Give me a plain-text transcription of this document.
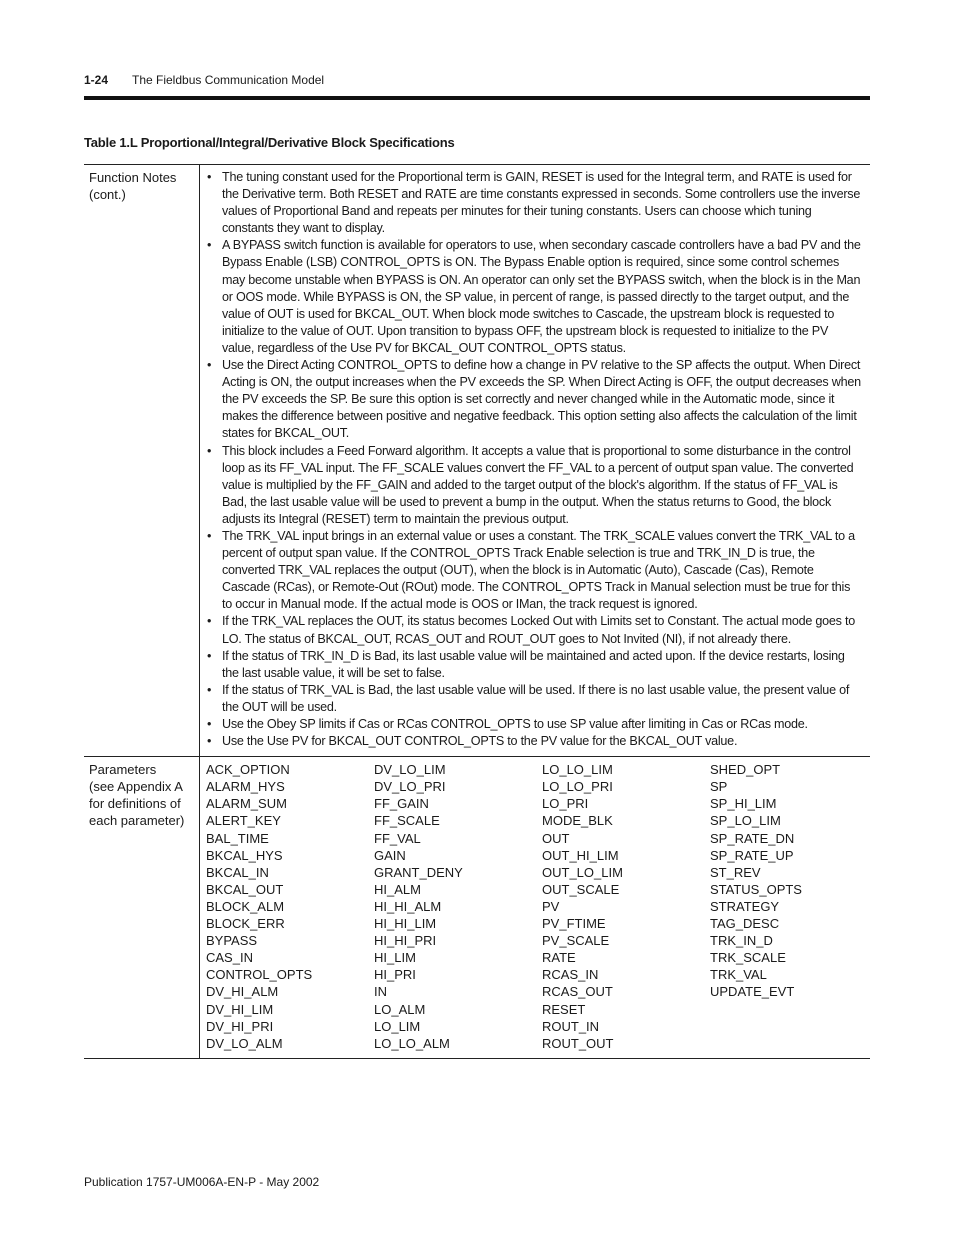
1-24 The Fieldbus Communication Model
Table 1.L Proportional/Integral/Derivative Block Specifications
Function Notes
(cont.)
• The tuning constant used for the Proportional term is GAIN, RESET is used for the Integral term, and RATE is used for the Derivative term. Both RESET and RATE are time constants expressed in seconds. Some controllers use the inverse values of Proportional Band and repeats per minutes for their tuning constants. Users can choose which tuning constants they want to display.
• A BYPASS switch function is available for operators to use, when secondary cascade controllers have a bad PV and the Bypass Enable (LSB) CONTROL_OPTS is ON. The Bypass Enable option is required, since some control schemes may become unstable when BYPASS is ON. An operator can only set the BYPASS switch, when the block is in the Man or OOS mode. While BYPASS is ON, the SP value, in percent of range, is passed directly to the target output, and the value of OUT is used for BKCAL_OUT. When block mode switches to Cascade, the upstream block is requested to initialize to the value of OUT. Upon transition to bypass OFF, the upstream block is requested to initialize to the PV value, regardless of the Use PV for BKCAL_OUT CONTROL_OPTS status.
• Use the Direct Acting CONTROL_OPTS to define how a change in PV relative to the SP affects the output. When Direct Acting is ON, the output increases when the PV exceeds the SP. When Direct Acting is OFF, the output decreases when the PV exceeds the SP. Be sure this option is set correctly and never changed while in the Automatic mode, since it makes the difference between positive and negative feedback. This option setting also affects the calculation of the limit states for BKCAL_OUT.
• This block includes a Feed Forward algorithm. It accepts a value that is proportional to some disturbance in the control loop as its FF_VAL input. The FF_SCALE values convert the FF_VAL to a percent of output span value. The converted value is multiplied by the FF_GAIN and added to the target output of the block's algorithm. If the status of FF_VAL is Bad, the last usable value will be used to prevent a bump in the output. When the status returns to Good, the block adjusts its Integral (RESET) term to maintain the previous output.
• The TRK_VAL input brings in an external value or uses a constant. The TRK_SCALE values convert the TRK_VAL to a percent of output span value. If the CONTROL_OPTS Track Enable selection is true and TRK_IN_D is true, the converted TRK_VAL replaces the output (OUT), when the block is in Automatic (Auto), Cascade (Cas), Remote Cascade (RCas), or Remote-Out (ROut) mode. The CONTROL_OPTS Track in Manual selection must be true for this to occur in Manual mode. If the actual mode is OOS or IMan, the track request is ignored.
• If the TRK_VAL replaces the OUT, its status becomes Locked Out with Limits set to Constant. The actual mode goes to LO. The status of BKCAL_OUT, RCAS_OUT and ROUT_OUT goes to Not Invited (NI), if not already there.
• If the status of TRK_IN_D is Bad, its last usable value will be maintained and acted upon. If the device restarts, losing the last usable value, it will be set to false.
• If the status of TRK_VAL is Bad, the last usable value will be used. If there is no last usable value, the present value of the OUT will be used.
• Use the Obey SP limits if Cas or RCas CONTROL_OPTS to use SP value after limiting in Cas or RCas mode.
• Use the Use PV for BKCAL_OUT CONTROL_OPTS to the PV value for the BKCAL_OUT value.
Parameters
(see Appendix A
for definitions of
each parameter)
ACK_OPTION
ALARM_HYS
ALARM_SUM
ALERT_KEY
BAL_TIME
BKCAL_HYS
BKCAL_IN
BKCAL_OUT
BLOCK_ALM
BLOCK_ERR
BYPASS
CAS_IN
CONTROL_OPTS
DV_HI_ALM
DV_HI_LIM
DV_HI_PRI
DV_LO_ALM
DV_LO_LIM
DV_LO_PRI
FF_GAIN
FF_SCALE
FF_VAL
GAIN
GRANT_DENY
HI_ALM
HI_HI_ALM
HI_HI_LIM
HI_HI_PRI
HI_LIM
HI_PRI
IN
LO_ALM
LO_LIM
LO_LO_ALM
LO_LO_LIM
LO_LO_PRI
LO_PRI
MODE_BLK
OUT
OUT_HI_LIM
OUT_LO_LIM
OUT_SCALE
PV
PV_FTIME
PV_SCALE
RATE
RCAS_IN
RCAS_OUT
RESET
ROUT_IN
ROUT_OUT
SHED_OPT
SP
SP_HI_LIM
SP_LO_LIM
SP_RATE_DN
SP_RATE_UP
ST_REV
STATUS_OPTS
STRATEGY
TAG_DESC
TRK_IN_D
TRK_SCALE
TRK_VAL
UPDATE_EVT
Publication 1757-UM006A-EN-P - May 2002
